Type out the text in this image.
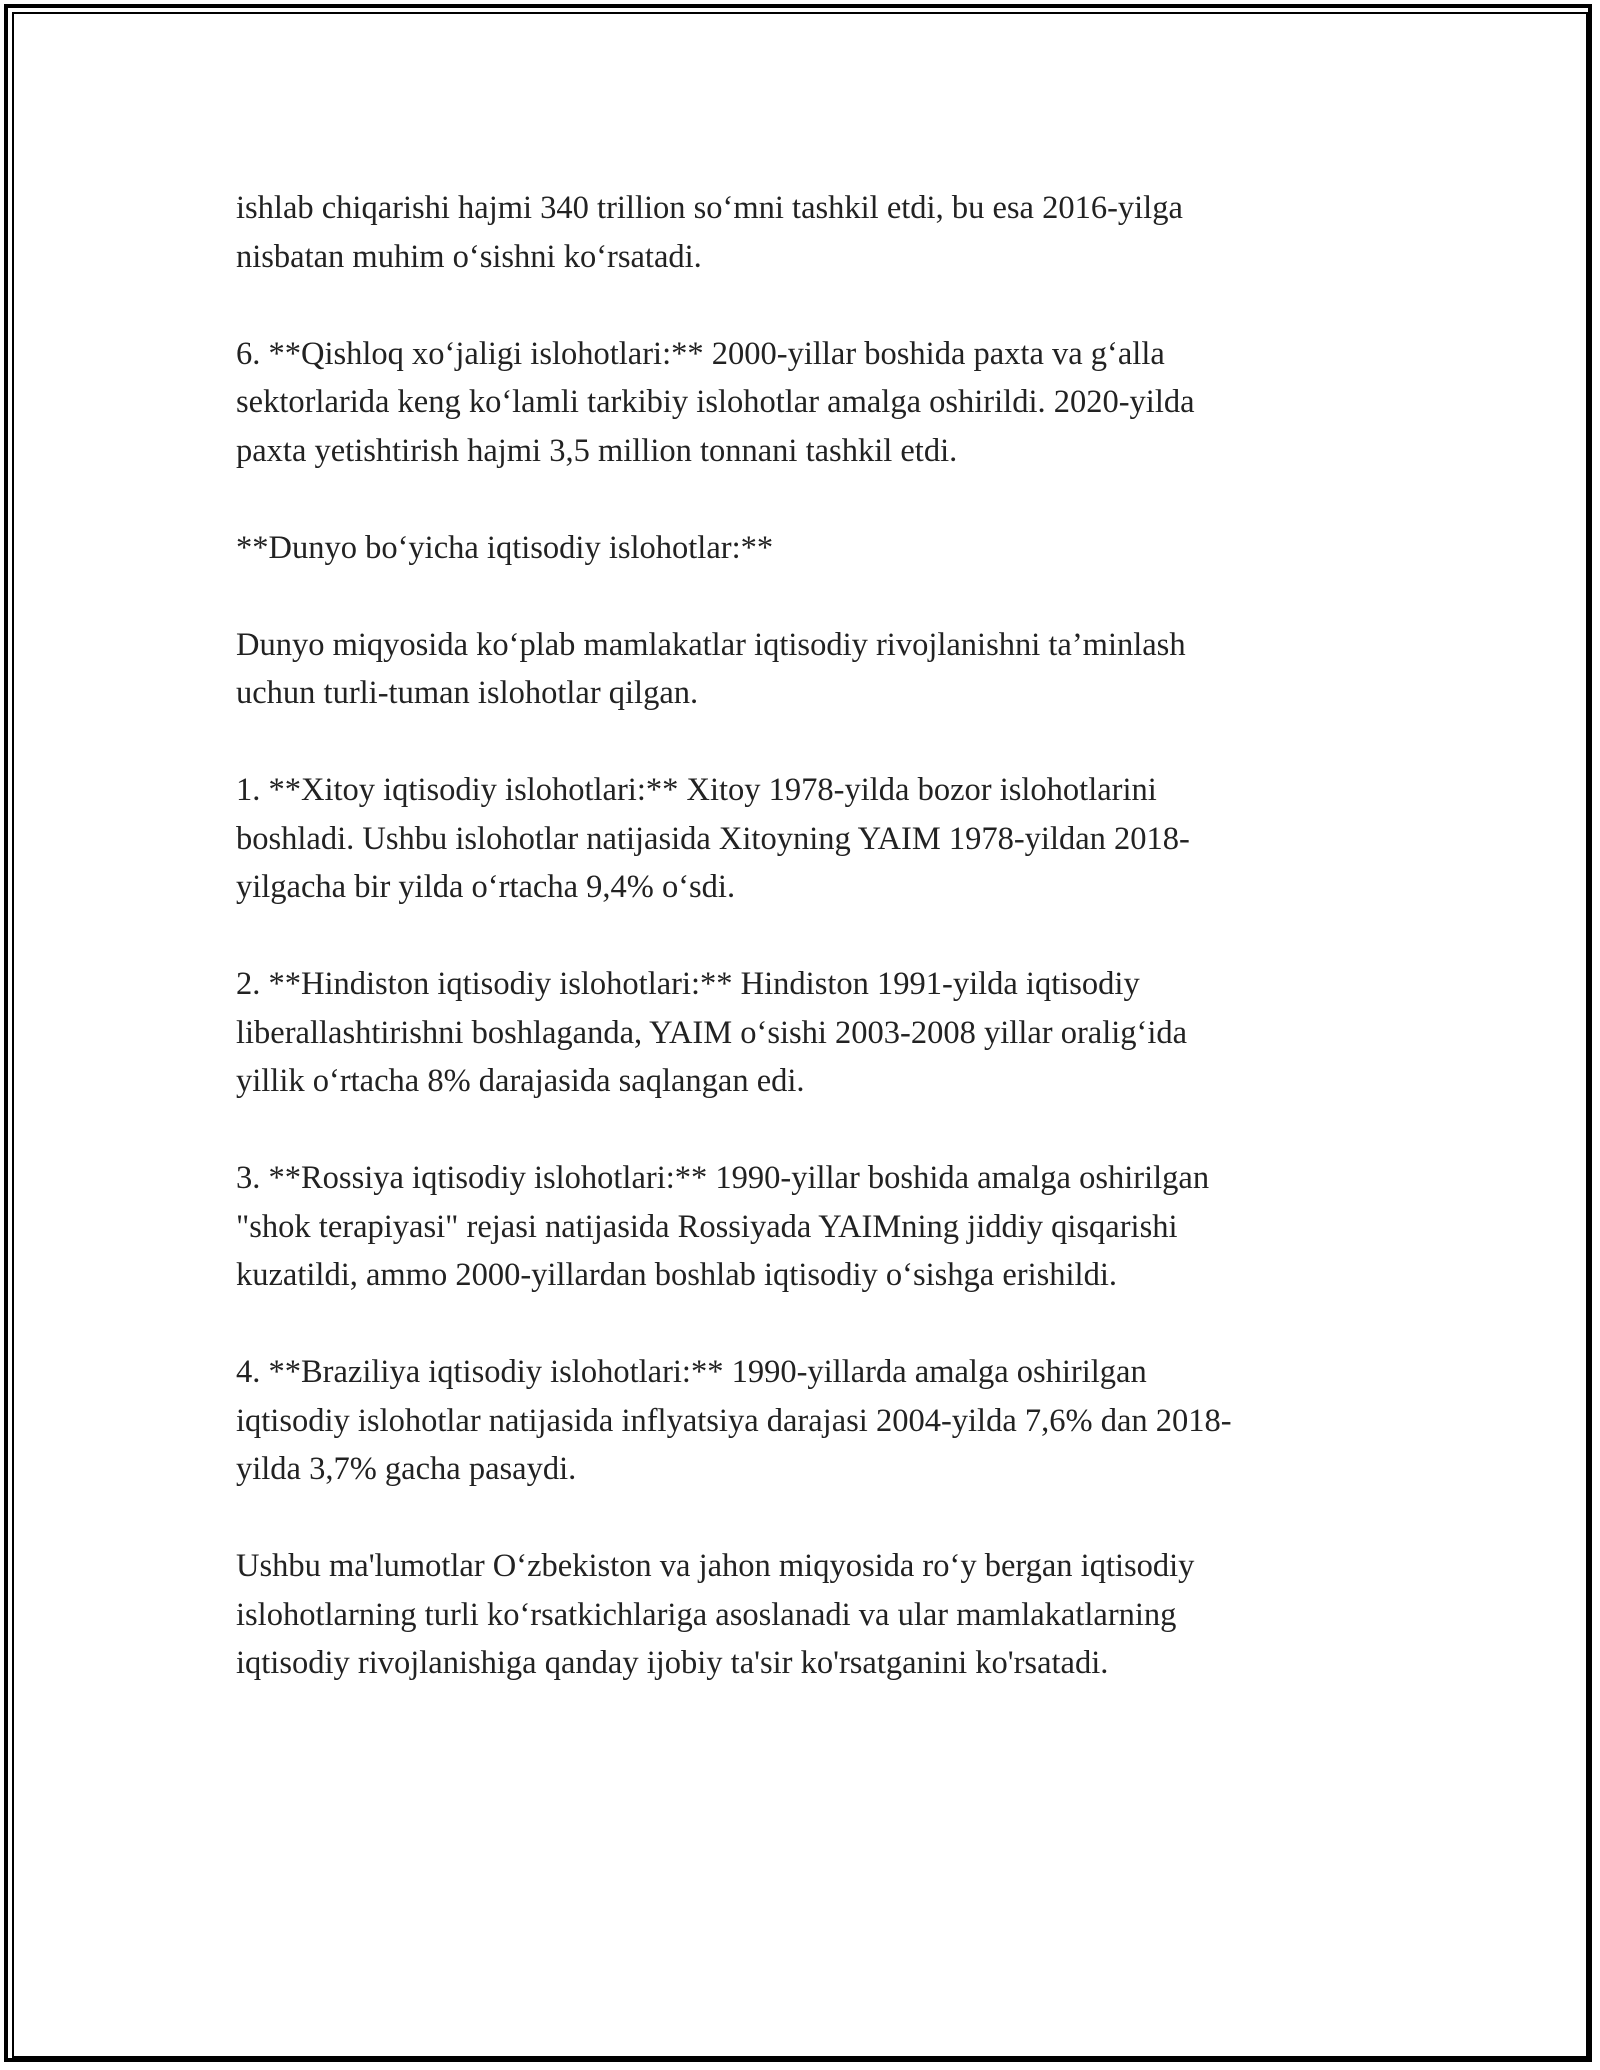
ishlab chiqarishi hajmi 340 trillion so‘mni tashkil etdi, bu esa 2016-yilga
nisbatan muhim o‘sishni ko‘rsatadi.

6. **Qishloq xo‘jaligi islohotlari:** 2000-yillar boshida paxta va g‘alla
sektorlarida keng ko‘lamli tarkibiy islohotlar amalga oshirildi. 2020-yilda
paxta yetishtirish hajmi 3,5 million tonnani tashkil etdi.

**Dunyo bo‘yicha iqtisodiy islohotlar:**

Dunyo miqyosida ko‘plab mamlakatlar iqtisodiy rivojlanishni ta’minlash
uchun turli-tuman islohotlar qilgan.

1. **Xitoy iqtisodiy islohotlari:** Xitoy 1978-yilda bozor islohotlarini
boshladi. Ushbu islohotlar natijasida Xitoyning YAIM 1978-yildan 2018-
yilgacha bir yilda o‘rtacha 9,4% o‘sdi.

2. **Hindiston iqtisodiy islohotlari:** Hindiston 1991-yilda iqtisodiy
liberallashtirishni boshlaganda, YAIM o‘sishi 2003-2008 yillar oralig‘ida
yillik o‘rtacha 8% darajasida saqlangan edi.

3. **Rossiya iqtisodiy islohotlari:** 1990-yillar boshida amalga oshirilgan
"shok terapiyasi" rejasi natijasida Rossiyada YAIMning jiddiy qisqarishi
kuzatildi, ammo 2000-yillardan boshlab iqtisodiy o‘sishga erishildi.

4. **Braziliya iqtisodiy islohotlari:** 1990-yillarda amalga oshirilgan
iqtisodiy islohotlar natijasida inflyatsiya darajasi 2004-yilda 7,6% dan 2018-
yilda 3,7% gacha pasaydi.

Ushbu ma'lumotlar O‘zbekiston va jahon miqyosida ro‘y bergan iqtisodiy
islohotlarning turli ko‘rsatkichlariga asoslanadi va ular mamlakatlarning
iqtisodiy rivojlanishiga qanday ijobiy ta'sir ko'rsatganini ko'rsatadi.
